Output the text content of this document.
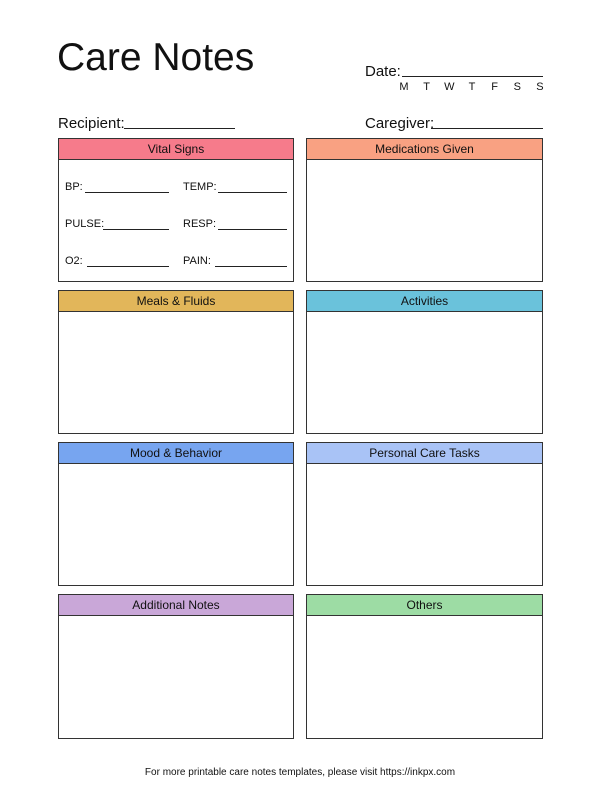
Care Notes	Date:
M	T	W	T	F	S	S
Recipient:	Caregiver:
Vital Signs
BP:	TEMP:
PULSE:	RESP:
O2:	PAIN:
Medications Given
Meals & Fluids	Activities
Mood & Behavior	Personal Care Tasks
Additional Notes	Others
For more printable care notes templates, please visit https://inkpx.com
